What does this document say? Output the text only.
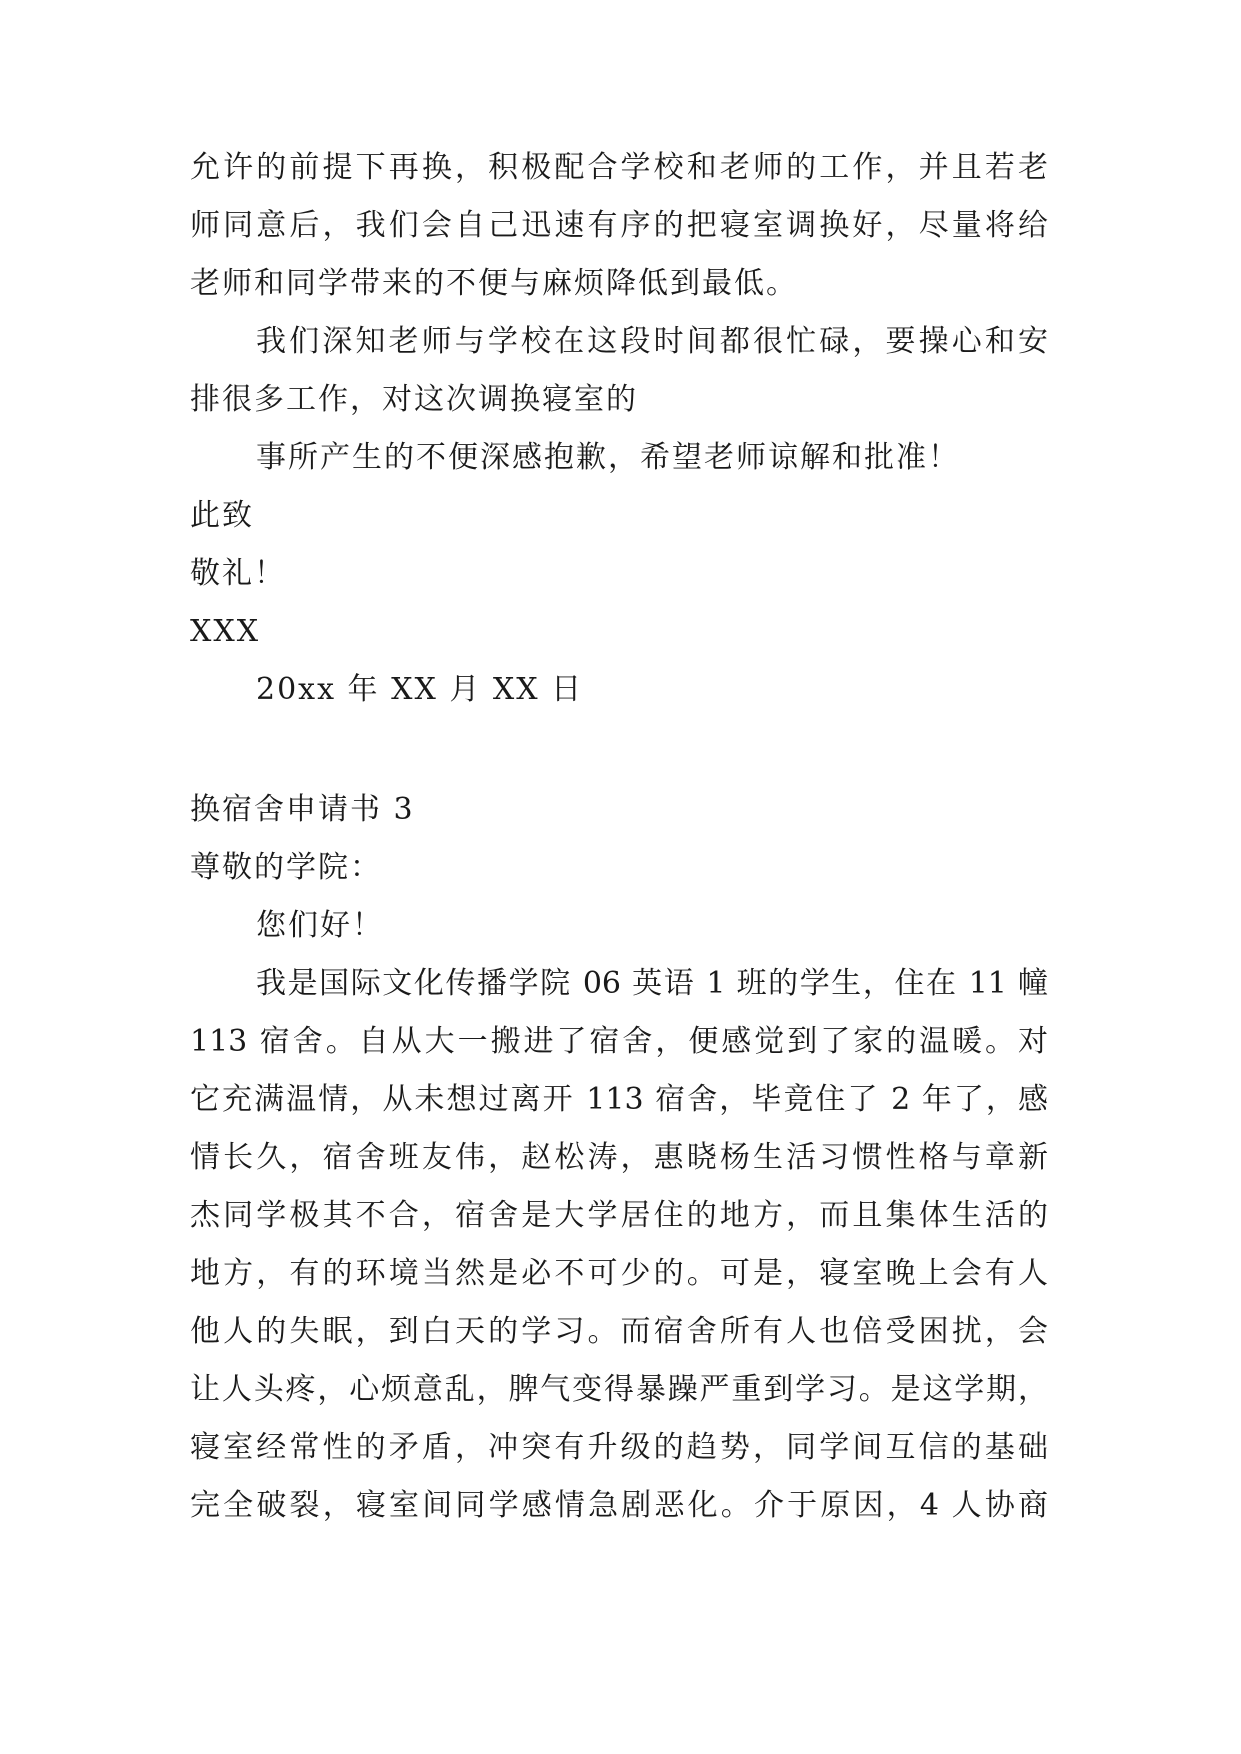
允许的前提下再换，积极配合学校和老师的工作，并且若老
师同意后，我们会自己迅速有序的把寝室调换好，尽量将给
老师和同学带来的不便与麻烦降低到最低。
我们深知老师与学校在这段时间都很忙碌，要操心和安
排很多工作，对这次调换寝室的
事所产生的不便深感抱歉，希望老师谅解和批准！
此致
敬礼！
XXX
20xx 年 XX 月 XX 日
换宿舍申请书 3
尊敬的学院：
您们好！
我是国际文化传播学院 06 英语 1 班的学生，住在 11 幢
113 宿舍。自从大一搬进了宿舍，便感觉到了家的温暖。对
它充满温情，从未想过离开 113 宿舍，毕竟住了 2 年了，感
情长久，宿舍班友伟，赵松涛，惠晓杨生活习惯性格与章新
杰同学极其不合，宿舍是大学居住的地方，而且集体生活的
地方，有的环境当然是必不可少的。可是，寝室晚上会有人
他人的失眠，到白天的学习。而宿舍所有人也倍受困扰，会
让人头疼，心烦意乱，脾气变得暴躁严重到学习。是这学期，
寝室经常性的矛盾，冲突有升级的趋势，同学间互信的基础
完全破裂，寝室间同学感情急剧恶化。介于原因，4 人协商
